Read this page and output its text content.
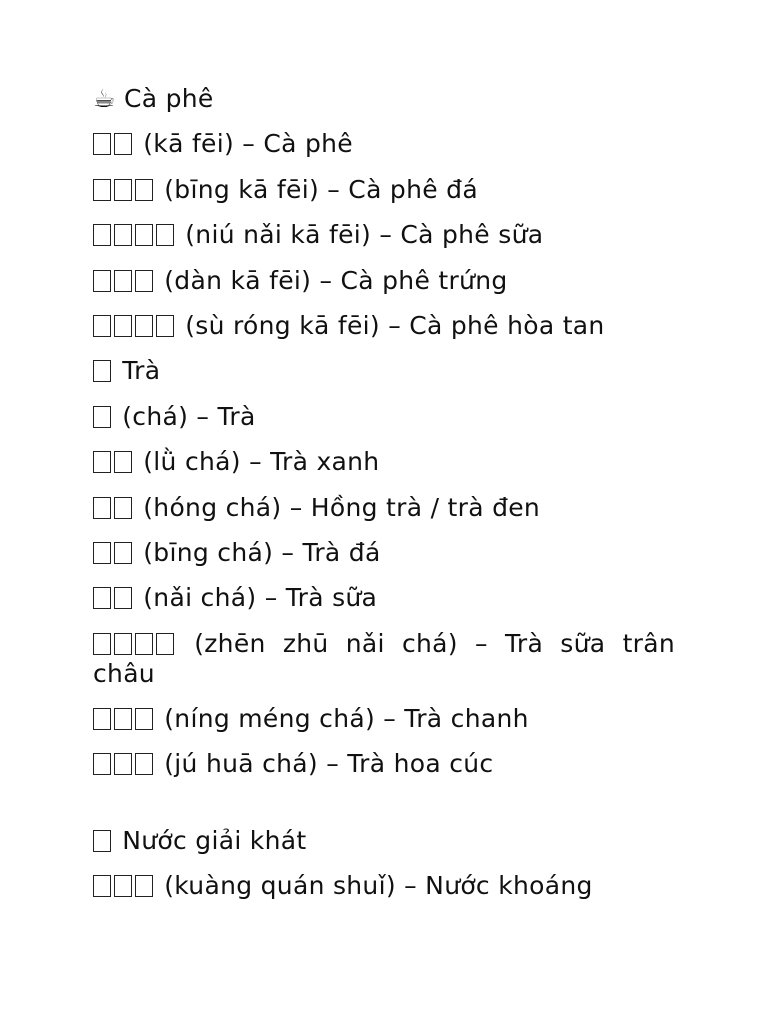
☕ Cà phê
(kā fēi) – Cà phê
(bīng kā fēi) – Cà phê đá
(niú nǎi kā fēi) – Cà phê sữa
(dàn kā fēi) – Cà phê trứng
(sù róng kā fēi) – Cà phê hòa tan
Trà
(chá) – Trà
(lǜ chá) – Trà xanh
(hóng chá) – Hồng trà / trà đen
(bīng chá) – Trà đá
(nǎi chá) – Trà sữa
(zhēn zhū nǎi chá) – Trà sữa trân châu
(níng méng chá) – Trà chanh
(jú huā chá) – Trà hoa cúc
Nước giải khát
(kuàng quán shuǐ) – Nước khoáng
